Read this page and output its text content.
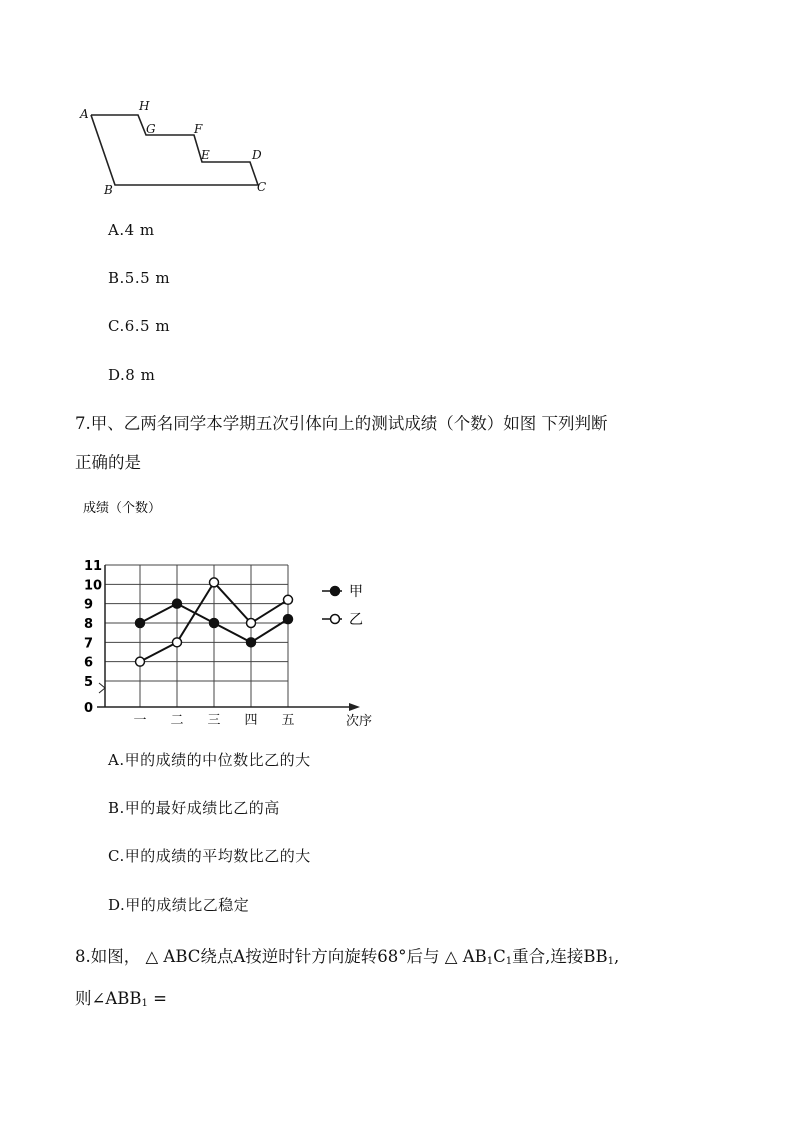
A
H
G	F
E	D
B	C
A.4 m
B.5.5 m
C.6.5 m
D.8 m
7.甲、乙两名同学本学期五次引体向上的测试成绩（个数）如图 下列判断
正确的是
成绩（个数）
0
5
6
7
8
9
10
11
一 二 三 四 五	次序
甲
乙
A.甲的成绩的中位数比乙的大
B.甲的最好成绩比乙的高
C.甲的成绩的平均数比乙的大
D.甲的成绩比乙稳定
8.如图， △ ABC绕点A按逆时针方向旋转68°后与 △ $AB_1C_1$重合,连接$BB_1$,
则$\angle ABB_1$ =
